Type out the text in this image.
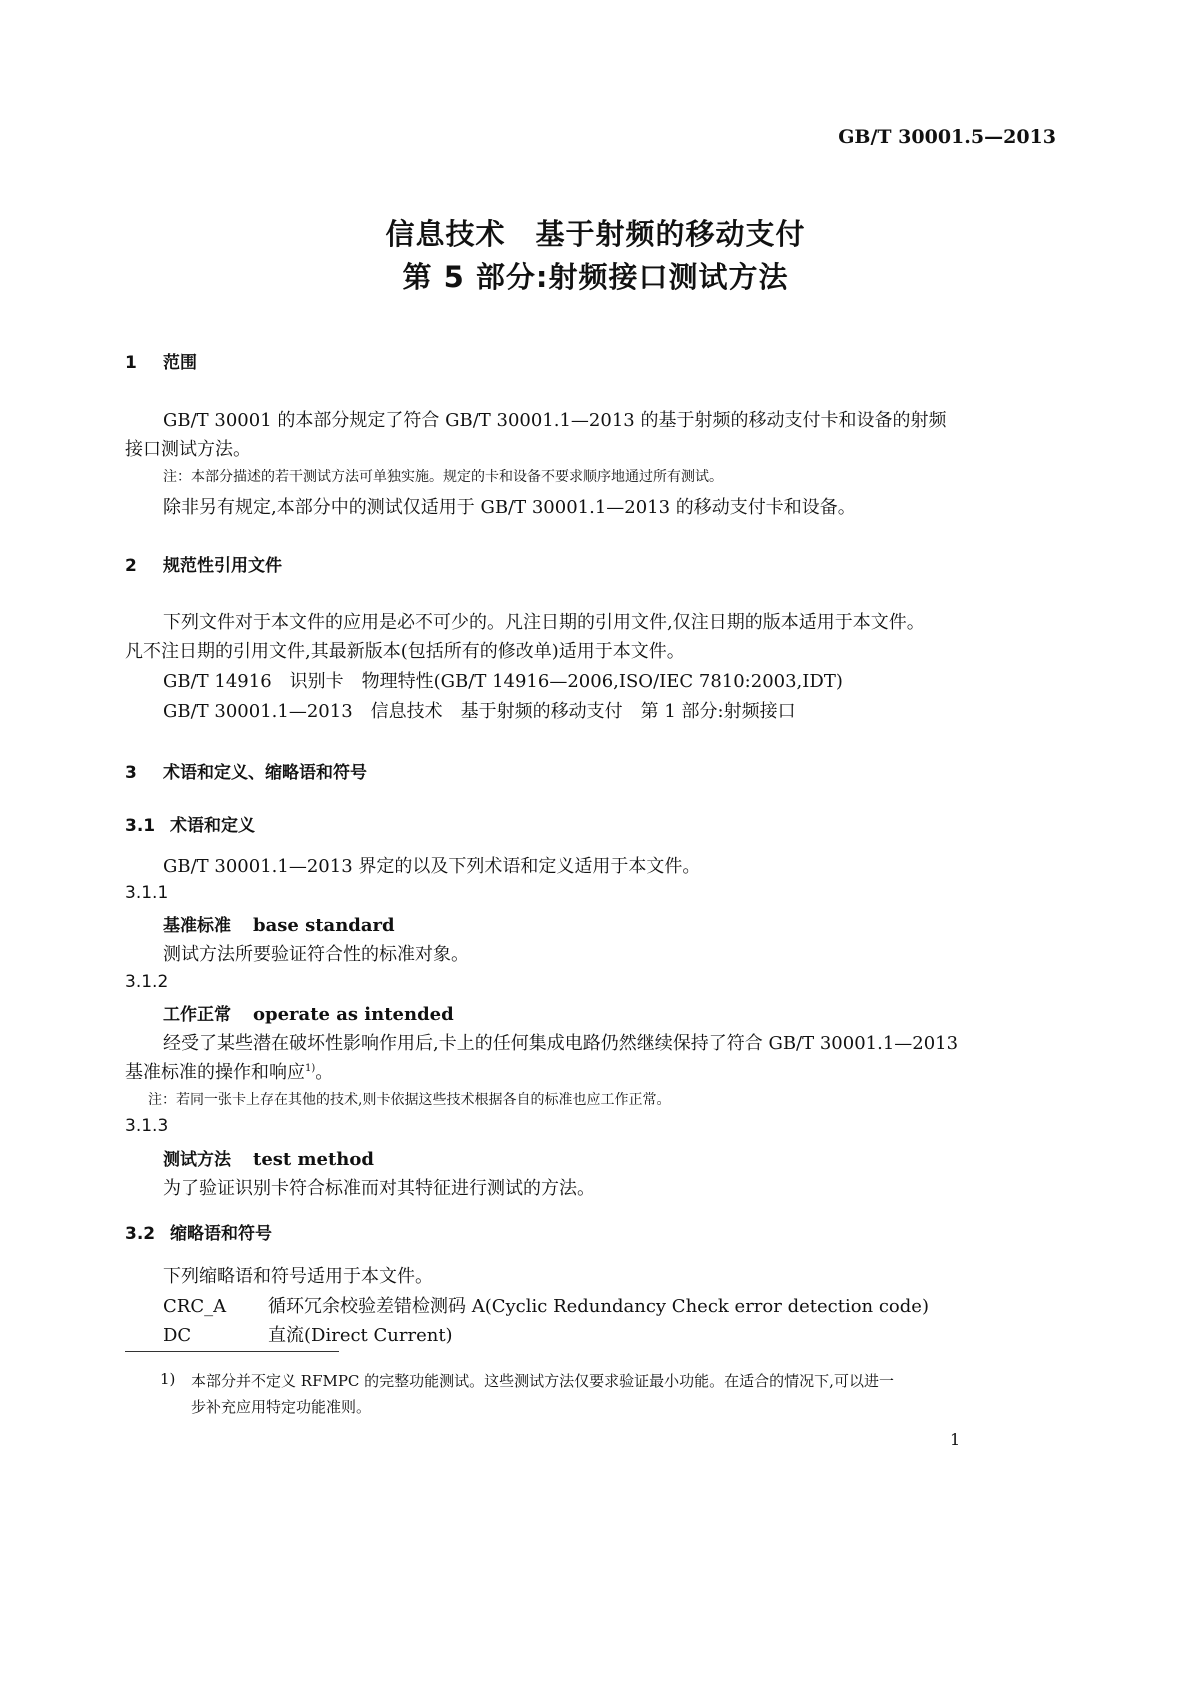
GB/T 30001.5—2013
信息技术　基于射频的移动支付
第 5 部分:射频接口测试方法
1 范围
GB/T 30001 的本部分规定了符合 GB/T 30001.1—2013 的基于射频的移动支付卡和设备的射频
接口测试方法。
注：本部分描述的若干测试方法可单独实施。规定的卡和设备不要求顺序地通过所有测试。
除非另有规定,本部分中的测试仅适用于 GB/T 30001.1—2013 的移动支付卡和设备。
2 规范性引用文件
下列文件对于本文件的应用是必不可少的。凡注日期的引用文件,仅注日期的版本适用于本文件。
凡不注日期的引用文件,其最新版本(包括所有的修改单)适用于本文件。
GB/T 14916　识别卡　物理特性(GB/T 14916—2006,ISO/IEC 7810:2003,IDT)
GB/T 30001.1—2013　信息技术　基于射频的移动支付　第 1 部分:射频接口
3 术语和定义、缩略语和符号
3.1 术语和定义
GB/T 30001.1—2013 界定的以及下列术语和定义适用于本文件。
3.1.1
基准标准 base standard
测试方法所要验证符合性的标准对象。
3.1.2
工作正常 operate as intended
经受了某些潜在破坏性影响作用后,卡上的任何集成电路仍然继续保持了符合 GB/T 30001.1—2013
基准标准的操作和响应$^{1)}$。
注：若同一张卡上存在其他的技术,则卡依据这些技术根据各自的标准也应工作正常。
3.1.3
测试方法 test method
为了验证识别卡符合标准而对其特征进行测试的方法。
3.2 缩略语和符号
下列缩略语和符号适用于本文件。
CRC_A 循环冗余校验差错检测码 A(Cyclic Redundancy Check error detection code)
DC	直流(Direct Current)
1) 本部分并不定义 RFMPC 的完整功能测试。这些测试方法仅要求验证最小功能。在适合的情况下,可以进一
步补充应用特定功能准则。
1
